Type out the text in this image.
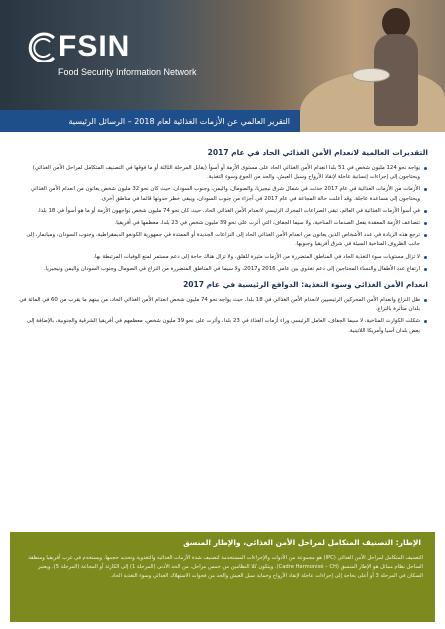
FSIN
Food Security Information Network
التقرير العالمي عن الأزمات الغذائية لعام 2018 – الرسائل الرئيسية
التقديرات العالمية لانعدام الأمن الغذائي الحاد في عام 2017
يواجه نحو 124 مليون شخص في 51 بلدا انعدام الأمن الغذائي الحاد على مستوى الأزمة أو أسوأ (يقابل المرحلة الثالثة أو ما فوقها في التصنيف المتكامل لمراحل الأمن الغذائي) ويحتاجون إلى إجراءات إنسانية عاجلة لإنقاذ الأرواح وسبل العيش، والحد من الجوع وسوء التغذية.
الأزمات من الأزمات الغذائية في عام 2017 حدثت في شمال شرق نيجيريا، والصومال، واليمن، وجنوب السودان، حيث كان نحو 32 مليون شخص يعانون من انعدام الأمن الغذائي ويحتاجون إلى مساعدة عاجلة. وقد أعلنت حالة المجاعة في عام 2017 في أجزاء من جنوب السودان، ويبقى خطر حدوثها قائما في مناطق أخرى.
في أسوأ الأزمات الغذائية في العالم، تبقى الصراعات المحرك الرئيسي لانعدام الأمن الغذائي الحاد، حيث كان نحو 74 مليون شخص يواجهون الأزمة أو ما هو أسوأ في 18 بلدا.
تتضاعف الأزمة المعقدة بفعل الصدمات المناخية، ولا سيما الجفاف، التي أثرت على نحو 39 مليون شخص في 23 بلدا، معظمها في أفريقيا.
ترجع هذه الزيادة في عدد الأشخاص الذين يعانون من انعدام الأمن الغذائي الحاد إلى النزاعات الجديدة أو الممتدة في جمهورية الكونغو الديمقراطية، وجنوب السودان، وميانمار، إلى جانب الظروف المناخية السيئة في شرق أفريقيا وجنوبها.
لا تزال مستويات سوء التغذية الحاد في المناطق المتضررة من الأزمات مثيرة للقلق، ولا تزال هناك حاجة إلى دعم مستمر لمنع الوفيات المرتبطة بها.
ارتفاع عدد الأطفال والنساء المحتاجين إلى دعم تغذوي بين عامي 2016 و2017، ولا سيما في المناطق المتضررة من النزاع في الصومال وجنوب السودان واليمن ونيجيريا.
انعدام الأمن الغذائي وسوء التغذية: الدوافع الرئيسية في عام 2017
ظل النزاع وانعدام الأمن المحركين الرئيسيين لانعدام الأمن الغذائي في 18 بلدا، حيث يواجه نحو 74 مليون شخص انعدام الأمن الغذائي الحاد، من بينهم ما يقرب من 60 في المائة في بلدان متأثرة بالنزاع.
شكلت الكوارث المناخية، لا سيما الجفاف، العامل الرئيسي وراء أزمات الغذاء في 23 بلدا، وأثرت على نحو 39 مليون شخص، معظمهم في أفريقيا الشرقية والجنوبية، بالإضافة إلى بعض بلدان آسيا وأمريكا اللاتينية.
الإطار: التصنيف المتكامل لمراحل الأمن الغذائي، والإطار المنسق
التصنيف المتكامل لمراحل الأمن الغذائي (IPC) هو مجموعة من الأدوات والإجراءات المستخدمة لتصنيف شدة الأزمات الغذائية والتغذوية وتحديد حجمها. ويستخدم في غرب أفريقيا ومنطقة الساحل نظام مماثل هو الإطار المنسق (Cadre Harmonisé – CH). ويتكون كلا النظامين من خمس مراحل، من الحد الأدنى (المرحلة 1) إلى الكارثة أو المجاعة (المرحلة 5). ويعتبر السكان في المرحلة 3 أو أعلى بحاجة إلى إجراءات عاجلة لإنقاذ الأرواح وحماية سبل العيش والحد من فجوات الاستهلاك الغذائي وسوء التغذية الحاد.
